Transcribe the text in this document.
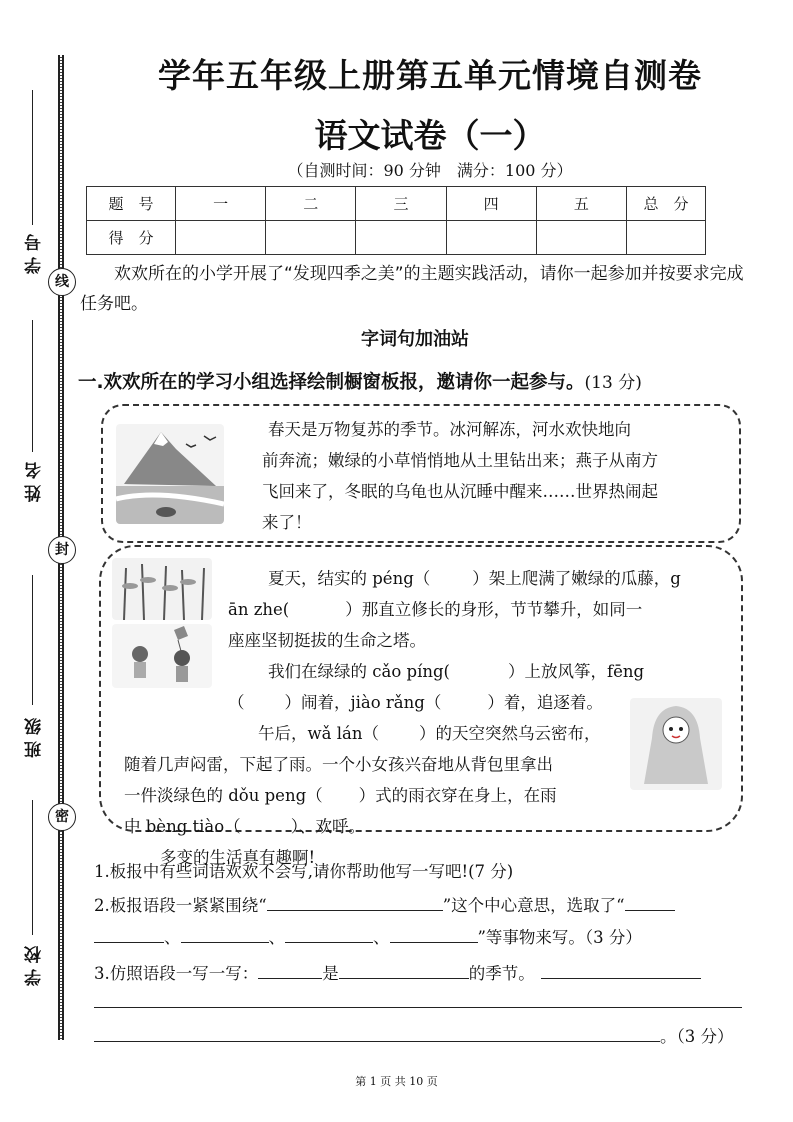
线
封
密
学号
姓名
班级
学校
学年五年级上册第五单元情境自测卷
语文试卷（一）
（自测时间：90 分钟　满分：100 分）
题　号	一	二	三	四	五	总　分
得　分						
欢欢所在的小学开展了“发现四季之美”的主题实践活动，请你一起参加并按要求完成任务吧。
字词句加油站
一.欢欢所在的学习小组选择绘制橱窗板报，邀请你一起参与。(13 分)
春天是万物复苏的季节。冰河解冻，河水欢快地向
前奔流；嫩绿的小草悄悄地从土里钻出来；燕子从南方
飞回来了，冬眠的乌龟也从沉睡中醒来……世界热闹起
来了！
夏天，结实的 péng（	）架上爬满了嫩绿的瓜藤，g
ān zhe(	）那直立修长的身形，节节攀升，如同一
座座坚韧挺拔的生命之塔。
我们在绿绿的 cǎo píng(	）上放风筝，fēng
（ ）闹着，jiào rǎng（	）着，追逐着。
午后，wǎ lán（ ）的天空突然乌云密布，
随着几声闷雷，下起了雨。一个小女孩兴奋地从背包里拿出
一件淡绿色的 dǒu peng（ ）式的雨衣穿在身上，在雨
中 bèng tiào（	）、欢呼。
多变的生活真有趣啊!
1.板报中有些词语欢欢不会写,请你帮助他写一写吧!(7 分)
2.板报语段一紧紧围绕“	”这个中心意思，选取了“
、	、	、	”等事物来写。（3 分）
3.仿照语段一写一写：	是	的季节。
。（3 分）
第 1 页 共 10 页
